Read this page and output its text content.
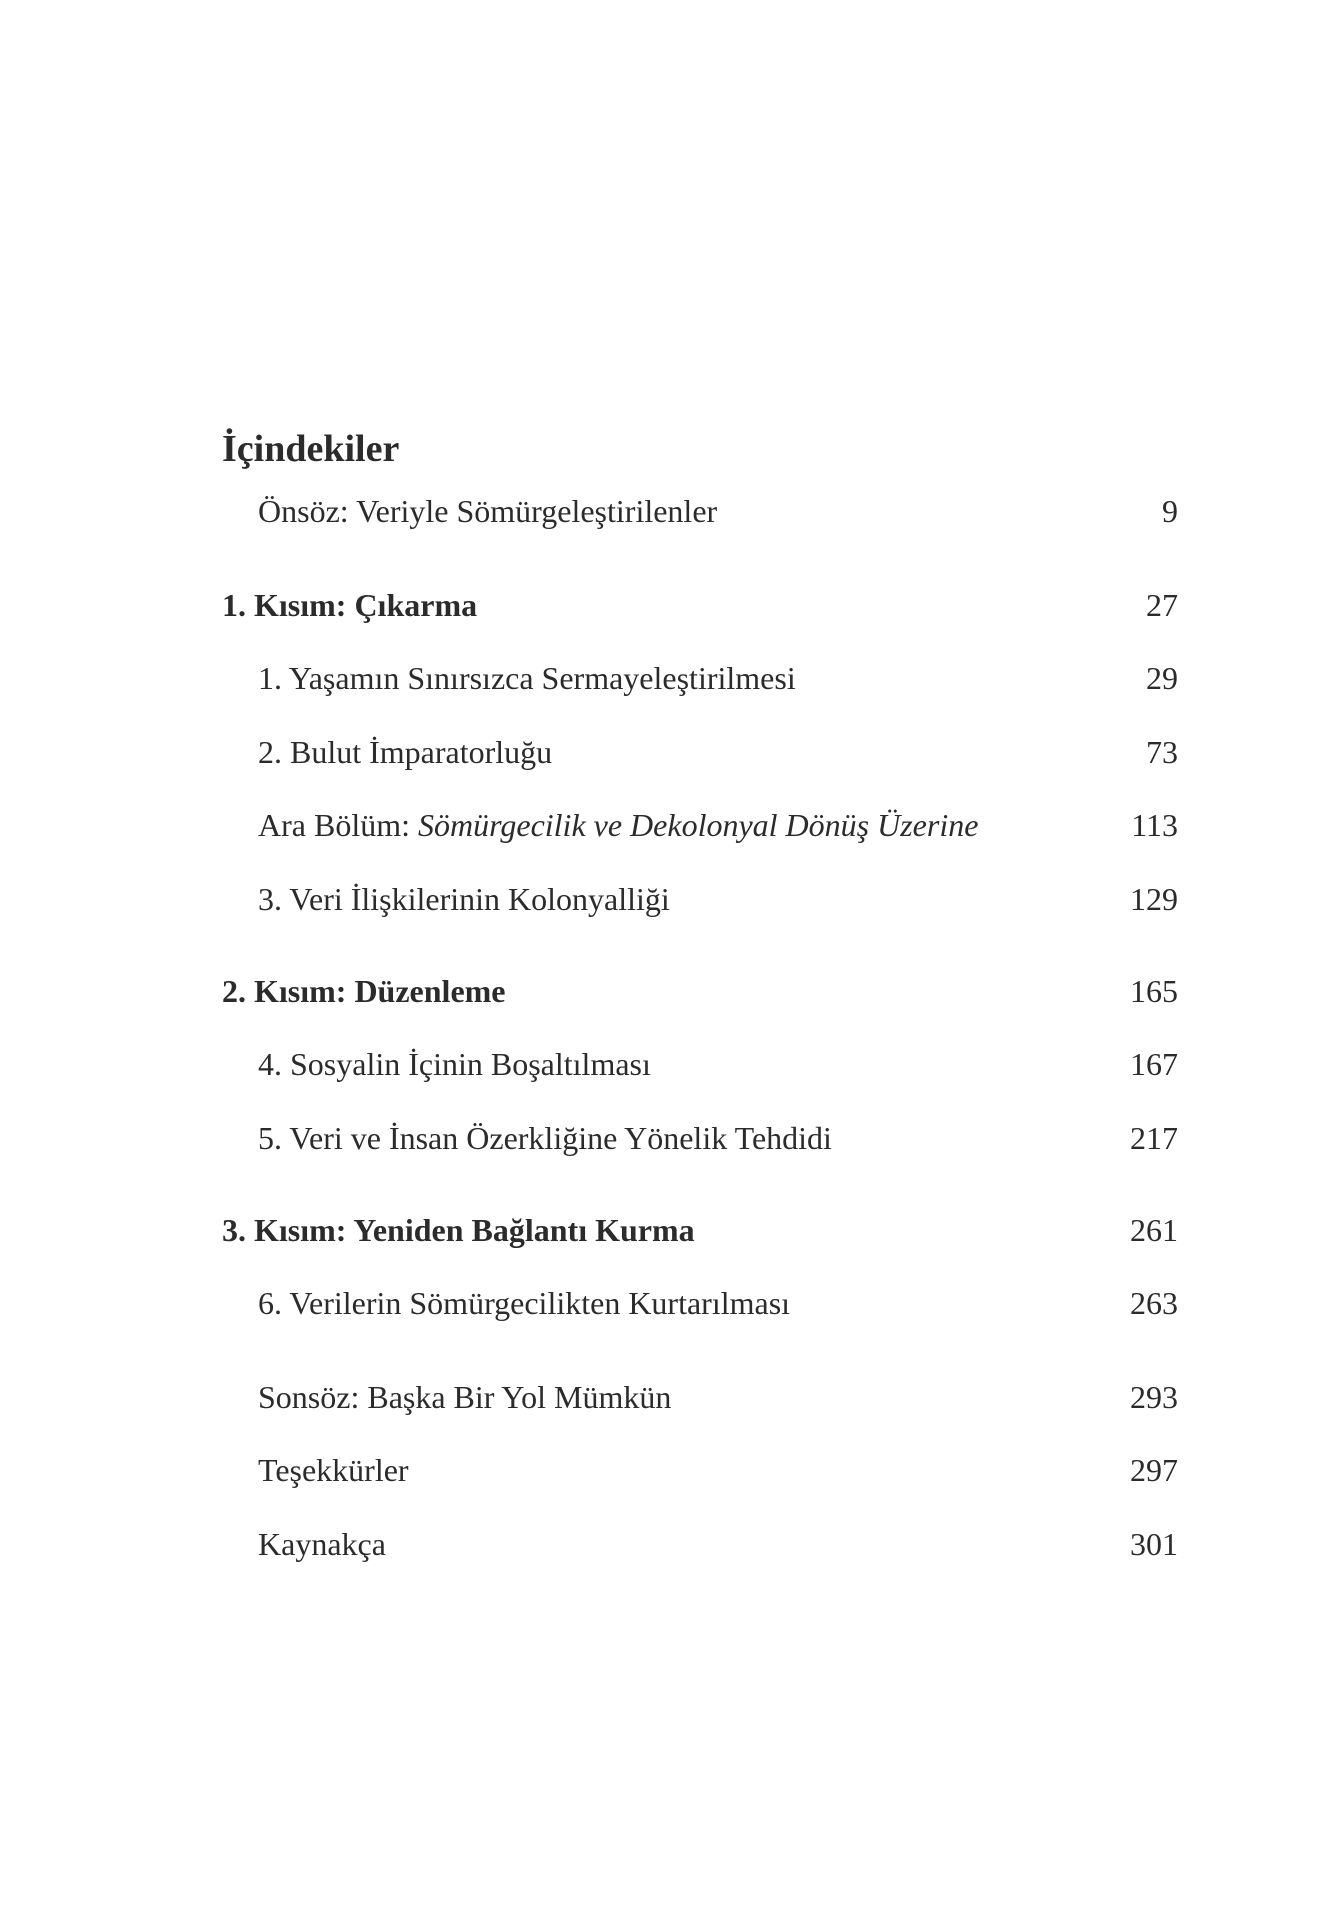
İçindekiler
Önsöz: Veriyle Sömürgeleştirilenler	9
1. Kısım: Çıkarma	27
1. Yaşamın Sınırsızca Sermayeleştirilmesi	29
2. Bulut İmparatorluğu	73
Ara Bölüm: Sömürgecilik ve Dekolonyal Dönüş Üzerine	113
3. Veri İlişkilerinin Kolonyalliği	129
2. Kısım: Düzenleme	165
4. Sosyalin İçinin Boşaltılması	167
5. Veri ve İnsan Özerkliğine Yönelik Tehdidi	217
3. Kısım: Yeniden Bağlantı Kurma	261
6. Verilerin Sömürgecilikten Kurtarılması	263
Sonsöz: Başka Bir Yol Mümkün	293
Teşekkürler	297
Kaynakça	301
